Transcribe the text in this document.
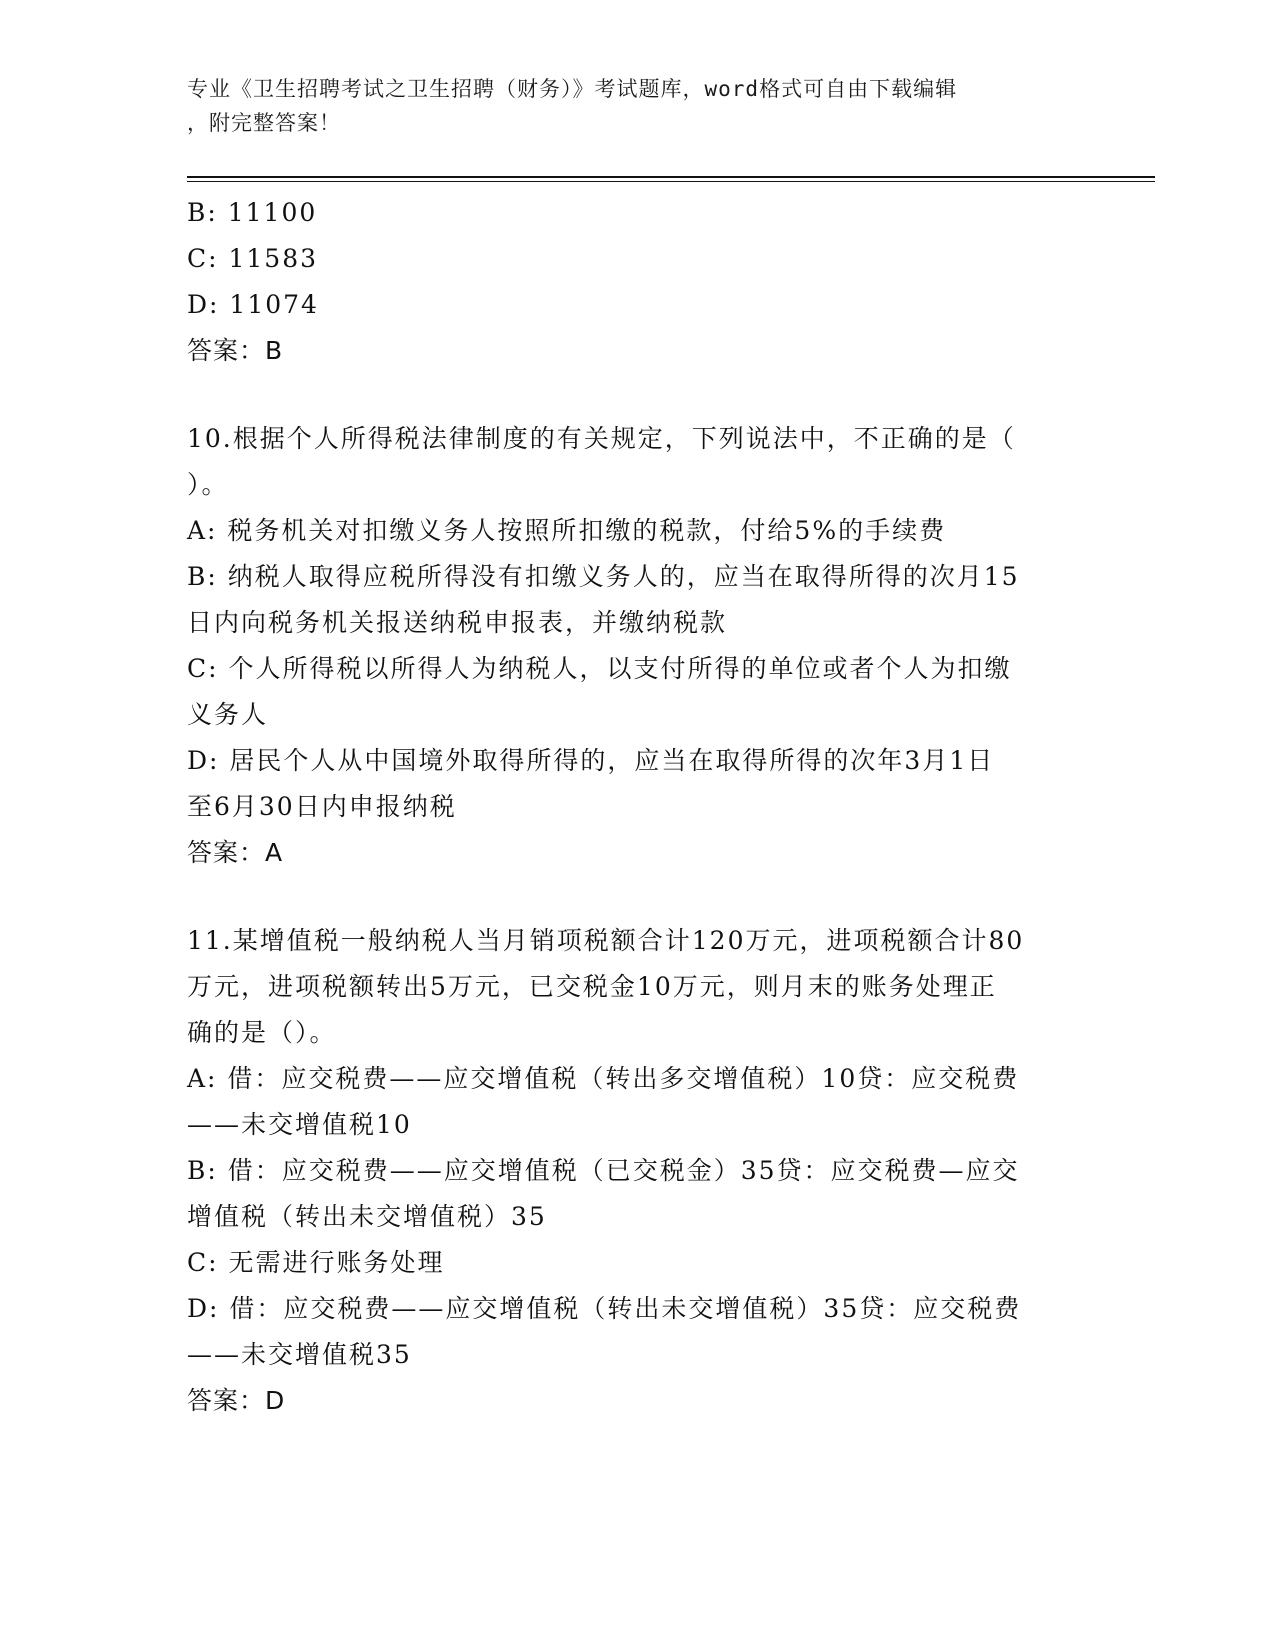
专业《卫生招聘考试之卫生招聘（财务）》考试题库，word格式可自由下载编辑
，附完整答案！
B: 11100
C: 11583
D: 11074
答案：B
10.根据个人所得税法律制度的有关规定，下列说法中，不正确的是（
）。
A: 税务机关对扣缴义务人按照所扣缴的税款，付给5%的手续费
B: 纳税人取得应税所得没有扣缴义务人的，应当在取得所得的次月15
日内向税务机关报送纳税申报表，并缴纳税款
C: 个人所得税以所得人为纳税人，以支付所得的单位或者个人为扣缴
义务人
D: 居民个人从中国境外取得所得的，应当在取得所得的次年3月1日
至6月30日内申报纳税
答案：A
11.某增值税一般纳税人当月销项税额合计120万元，进项税额合计80
万元，进项税额转出5万元，已交税金10万元，则月末的账务处理正
确的是（）。
A: 借：应交税费——应交增值税（转出多交增值税）10贷：应交税费
——未交增值税10
B: 借：应交税费——应交增值税（已交税金）35贷：应交税费—应交
增值税（转出未交增值税）35
C: 无需进行账务处理
D: 借：应交税费——应交增值税（转出未交增值税）35贷：应交税费
——未交增值税35
答案：D
